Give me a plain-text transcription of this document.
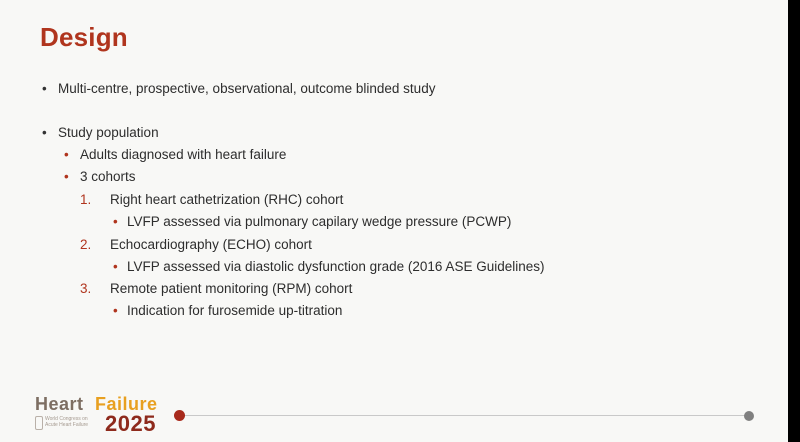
Design
• Multi-centre, prospective, observational, outcome blinded study
• Study population
• Adults diagnosed with heart failure
• 3 cohorts
1. Right heart cathetrization (RHC) cohort
• LVFP assessed via pulmonary capilary wedge pressure (PCWP)
2. Echocardiography (ECHO) cohort
• LVFP assessed via diastolic dysfunction grade (2016 ASE Guidelines)
3. Remote patient monitoring (RPM) cohort
• Indication for furosemide up-titration
Heart Failure
World Congress on
Acute Heart Failure 2025
